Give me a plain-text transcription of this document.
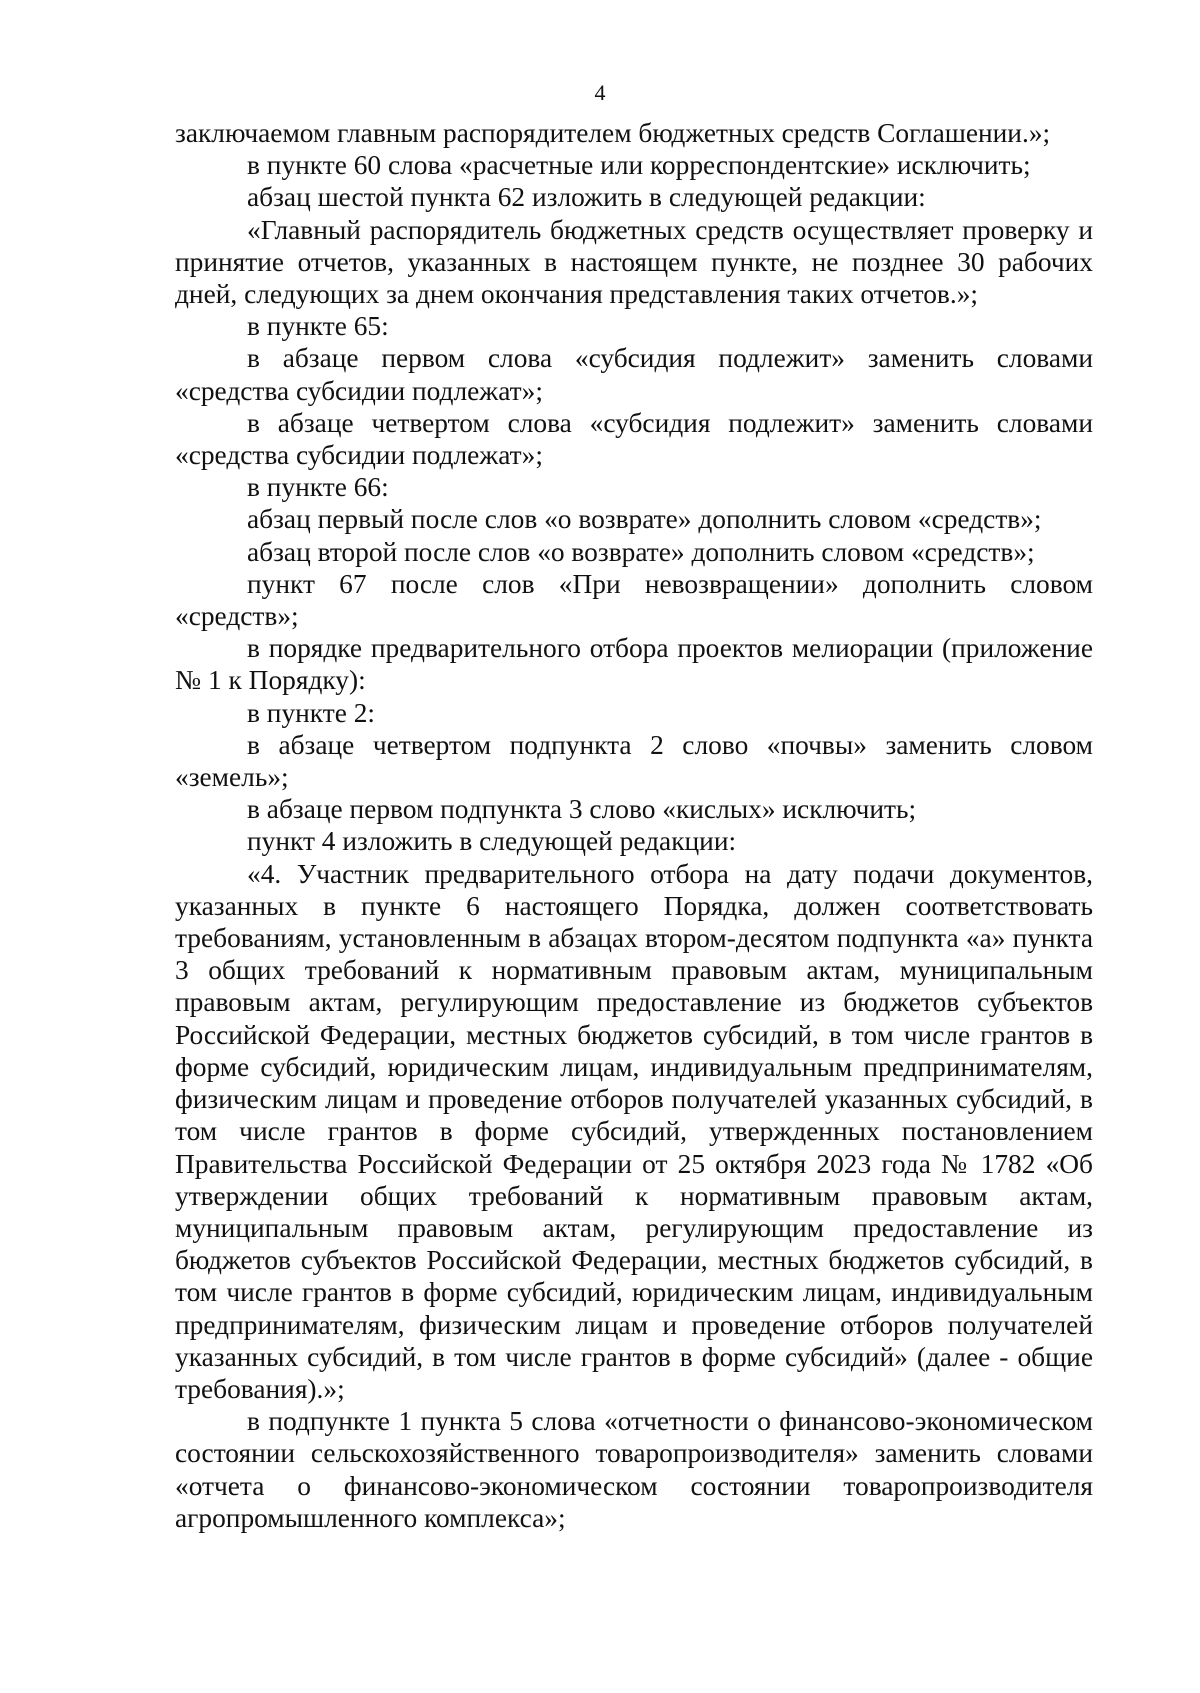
4

заключаемом главным распорядителем бюджетных средств Соглашении.»;

в пункте 60 слова «расчетные или корреспондентские» исключить;

абзац шестой пункта 62 изложить в следующей редакции:

«Главный распорядитель бюджетных средств осуществляет проверку и принятие отчетов, указанных в настоящем пункте, не позднее 30 рабочих дней, следующих за днем окончания представления таких отчетов.»;

в пункте 65:

в абзаце первом слова «субсидия подлежит» заменить словами «средства субсидии подлежат»;

в абзаце четвертом слова «субсидия подлежит» заменить словами «средства субсидии подлежат»;

в пункте 66:

абзац первый после слов «о возврате» дополнить словом «средств»;

абзац второй после слов «о возврате» дополнить словом «средств»;

пункт 67 после слов «При невозвращении» дополнить словом «средств»;

в порядке предварительного отбора проектов мелиорации (приложение № 1 к Порядку):

в пункте 2:

в абзаце четвертом подпункта 2 слово «почвы» заменить словом «земель»;

в абзаце первом подпункта 3 слово «кислых» исключить;

пункт 4 изложить в следующей редакции:

«4. Участник предварительного отбора на дату подачи документов, указанных в пункте 6 настоящего Порядка, должен соответствовать требованиям, установленным в абзацах втором-десятом подпункта «а» пункта 3 общих требований к нормативным правовым актам, муниципальным правовым актам, регулирующим предоставление из бюджетов субъектов Российской Федерации, местных бюджетов субсидий, в том числе грантов в форме субсидий, юридическим лицам, индивидуальным предпринимателям, физическим лицам и проведение отборов получателей указанных субсидий, в том числе грантов в форме субсидий, утвержденных постановлением Правительства Российской Федерации от 25 октября 2023 года № 1782 «Об утверждении общих требований к нормативным правовым актам, муниципальным правовым актам, регулирующим предоставление из бюджетов субъектов Российской Федерации, местных бюджетов субсидий, в том числе грантов в форме субсидий, юридическим лицам, индивидуальным предпринимателям, физическим лицам и проведение отборов получателей указанных субсидий, в том числе грантов в форме субсидий» (далее - общие требования).»;

в подпункте 1 пункта 5 слова «отчетности о финансово-экономическом состоянии сельскохозяйственного товаропроизводителя» заменить словами «отчета о финансово-экономическом состоянии товаропроизводителя агропромышленного комплекса»;
